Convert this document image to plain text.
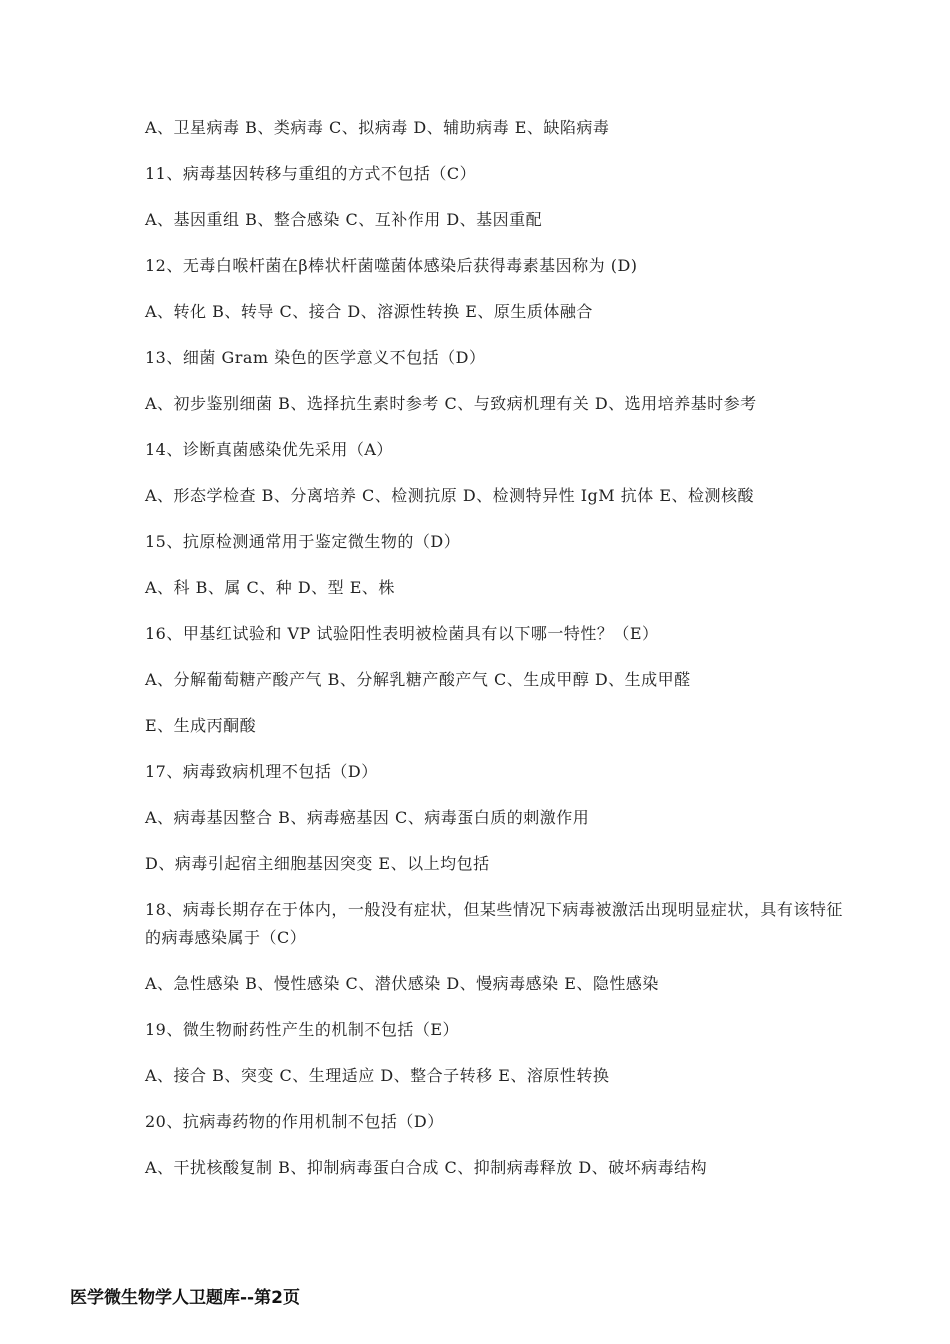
A、卫星病毒 B、类病毒 C、拟病毒 D、辅助病毒 E、缺陷病毒
11、病毒基因转移与重组的方式不包括（C）
A、基因重组 B、整合感染 C、互补作用 D、基因重配
12、无毒白喉杆菌在β棒状杆菌噬菌体感染后获得毒素基因称为 (D)
A、转化 B、转导 C、接合 D、溶源性转换 E、原生质体融合
13、细菌 Gram 染色的医学意义不包括（D）
A、初步鉴别细菌 B、选择抗生素时参考 C、与致病机理有关 D、选用培养基时参考
14、诊断真菌感染优先采用（A）
A、形态学检查 B、分离培养 C、检测抗原 D、检测特异性 IgM 抗体 E、检测核酸
15、抗原检测通常用于鉴定微生物的（D）
A、科 B、属 C、种 D、型 E、株
16、甲基红试验和 VP 试验阳性表明被检菌具有以下哪一特性？（E）
A、分解葡萄糖产酸产气 B、分解乳糖产酸产气 C、生成甲醇 D、生成甲醛
E、生成丙酮酸
17、病毒致病机理不包括（D）
A、病毒基因整合 B、病毒癌基因 C、病毒蛋白质的刺激作用
D、病毒引起宿主细胞基因突变 E、以上均包括
18、病毒长期存在于体内，一般没有症状，但某些情况下病毒被激活出现明显症状，具有该特征的病毒感染属于（C）
A、急性感染 B、慢性感染 C、潜伏感染 D、慢病毒感染 E、隐性感染
19、微生物耐药性产生的机制不包括（E）
A、接合 B、突变 C、生理适应 D、整合子转移 E、溶原性转换
20、抗病毒药物的作用机制不包括（D）
A、干扰核酸复制 B、抑制病毒蛋白合成 C、抑制病毒释放 D、破坏病毒结构
医学微生物学人卫题库--第2页
